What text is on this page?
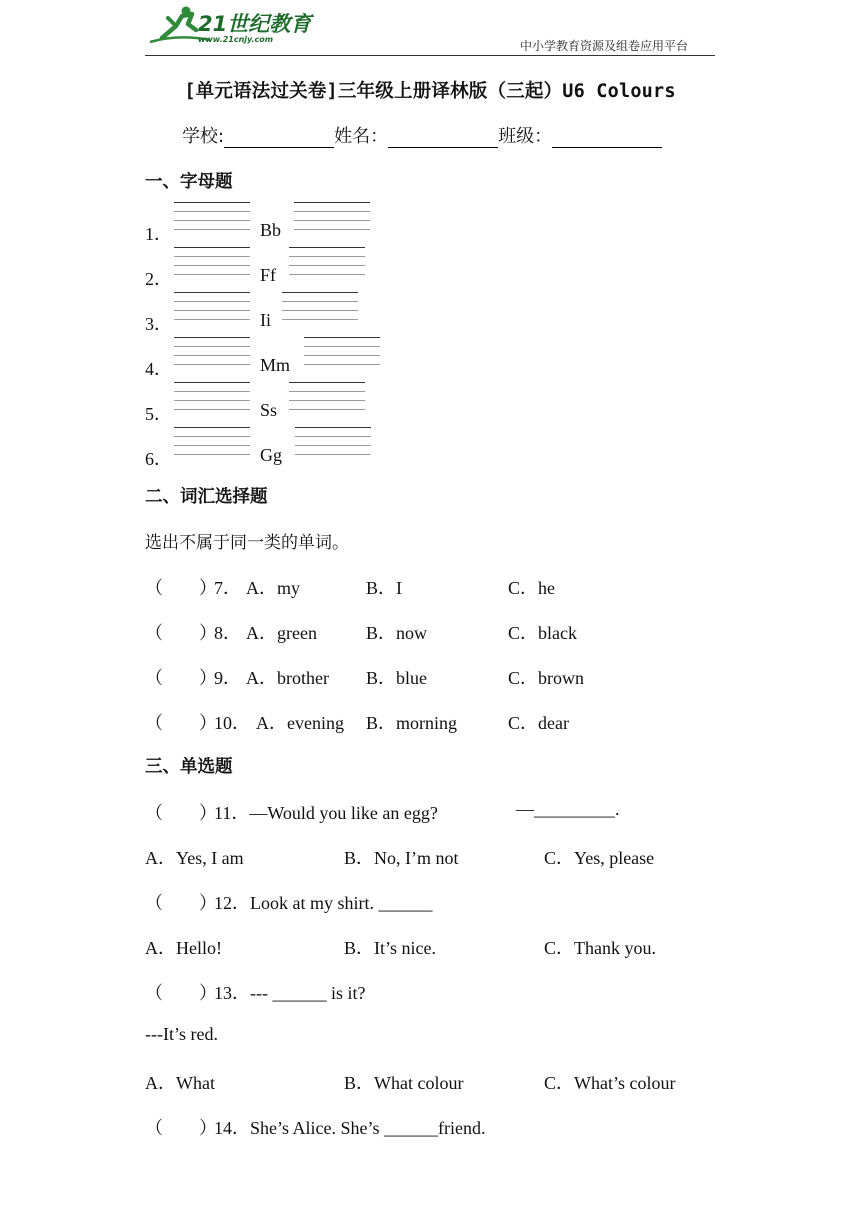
21世纪教育
www.21cnjy.com	中小学教育资源及组卷应用平台
[单元语法过关卷]三年级上册译林版（三起）U6 Colours
学校:	姓名：	班级：
一、字母题
1．	Bb
2．	Ff
3．	Ii
4．	Mm
5．	Ss
6．	Gg
二、词汇选择题
选出不属于同一类的单词。
（　　）
7． A．my	B．I	C．he
（　　）
8． A．green	B．now	C．black
（　　）
9． A．brother B．blue	C．brown
（　　）
10． A．evening B．morning	C．dear
三、单选题
（　　）
11．—Would you like an egg?	—_________.
A．Yes, I am	B．No, I’m not	C．Yes, please
（　　）
12．Look at my shirt. ______
A．Hello!	B．It’s nice.	C．Thank you.
（　　）
13．--- ______ is it?
---It’s red.
A．What	B．What colour	C．What’s colour
（　　）
14．She’s Alice. She’s ______friend.
